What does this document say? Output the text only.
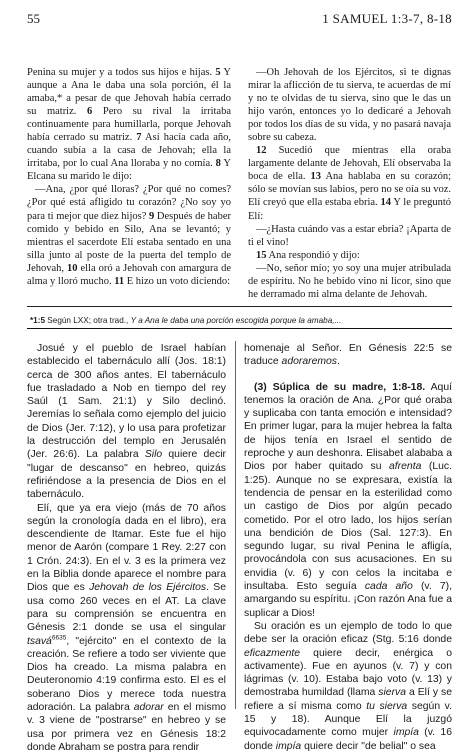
55	1 SAMUEL 1:3-7, 8-18

Penina su mujer y a todos sus hijos e hijas. 5 Y aunque a Ana le daba una sola porción, él la amaba,* a pesar de que Jehovah había cerrado su matriz. 6 Pero su rival la irritaba continuamente para humillarla, porque Jehovah había cerrado su matriz. 7 Así hacía cada año, cuando subía a la casa de Jehovah; ella la irritaba, por lo cual Ana lloraba y no comía. 8 Y Elcana su marido le dijo:

—Ana, ¿por qué lloras? ¿Por qué no comes? ¿Por qué está afligido tu corazón? ¿No soy yo para ti mejor que diez hijos? 9 Después de haber comido y bebido en Silo, Ana se levantó; y mientras el sacerdote Elí estaba sentado en una silla junto al poste de la puerta del templo de Jehovah, 10 ella oró a Jehovah con amargura de alma y lloró mucho. 11 E hizo un voto diciendo:

—Oh Jehovah de los Ejércitos, si te dignas mirar la aflicción de tu sierva, te acuerdas de mí y no te olvidas de tu sierva, sino que le das un hijo varón, entonces yo lo dedicaré a Jehovah por todos los días de su vida, y no pasará navaja sobre su cabeza.

12 Sucedió que mientras ella oraba largamente delante de Jehovah, Elí observaba la boca de ella. 13 Ana hablaba en su corazón; sólo se movían sus labios, pero no se oía su voz. Elí creyó que ella estaba ebria. 14 Y le preguntó Elí:

—¿Hasta cuándo vas a estar ebria? ¡Aparta de ti el vino!

15 Ana respondió y dijo:

—No, señor mío; yo soy una mujer atribulada de espíritu. No he bebido vino ni licor, sino que he derramado mi alma delante de Jehovah.

*1:5 Según LXX; otra trad., Y a Ana le daba una porción escogida porque la amaba,...

Josué y el pueblo de Israel habían establecido el tabernáculo allí (Jos. 18:1) cerca de 300 años antes. El tabernáculo fue trasladado a Nob en tiempo del rey Saúl (1 Sam. 21:1) y Silo declinó. Jeremías lo señala como ejemplo del juicio de Dios (Jer. 7:12), y lo usa para profetizar la destrucción del templo en Jerusalén (Jer. 26:6). La palabra Silo quiere decir "lugar de descanso" en hebreo, quizás refiriéndose a la presencia de Dios en el tabernáculo.

Elí, que ya era viejo (más de 70 años según la cronología dada en el libro), era descendiente de Itamar. Este fue el hijo menor de Aarón (compare 1 Rey. 2:27 con 1 Crón. 24:3). En el v. 3 es la primera vez en la Biblia donde aparece el nombre para Dios que es Jehovah de los Ejércitos. Se usa como 260 veces en el AT. La clave para su comprensión se encuentra en Génesis 2:1 donde se usa el singular tsavá$^{6635}$, "ejército" en el contexto de la creación. Se refiere a todo ser viviente que Dios ha creado. La misma palabra en Deuteronomio 4:19 confirma esto. El es el soberano Dios y merece toda nuestra adoración. La palabra adorar en el mismo v. 3 viene de "postrarse" en hebreo y se usa por primera vez en Génesis 18:2 donde Abraham se postra para rendir

homenaje al Señor. En Génesis 22:5 se traduce adoraremos.

(3) Súplica de su madre, 1:8-18. Aquí tenemos la oración de Ana. ¿Por qué oraba y suplicaba con tanta emoción e intensidad? En primer lugar, para la mujer hebrea la falta de hijos tenía en Israel el sentido de reproche y aun deshonra. Elisabet alababa a Dios por haber quitado su afrenta (Luc. 1:25). Aunque no se expresara, existía la tendencia de pensar en la esterilidad como un castigo de Dios por algún pecado cometido. Por el otro lado, los hijos serían una bendición de Dios (Sal. 127:3). En segundo lugar, su rival Penina le afligía, provocándola con sus acusaciones. En su envidia (v. 6) y con celos la incitaba e insultaba. Esto seguía cada año (v. 7), amargando su espíritu. ¡Con razón Ana fue a suplicar a Dios!

Su oración es un ejemplo de todo lo que debe ser la oración eficaz (Stg. 5:16 donde eficazmente quiere decir, enérgica o activamente). Fue en ayunos (v. 7) y con lágrimas (v. 10). Estaba bajo voto (v. 13) y demostraba humildad (llama sierva a Elí y se refiere a sí misma como tu sierva según v. 15 y 18). Aunque Elí la juzgó equivocadamente como mujer impía (v. 16 donde impía quiere decir "de belial" o sea
